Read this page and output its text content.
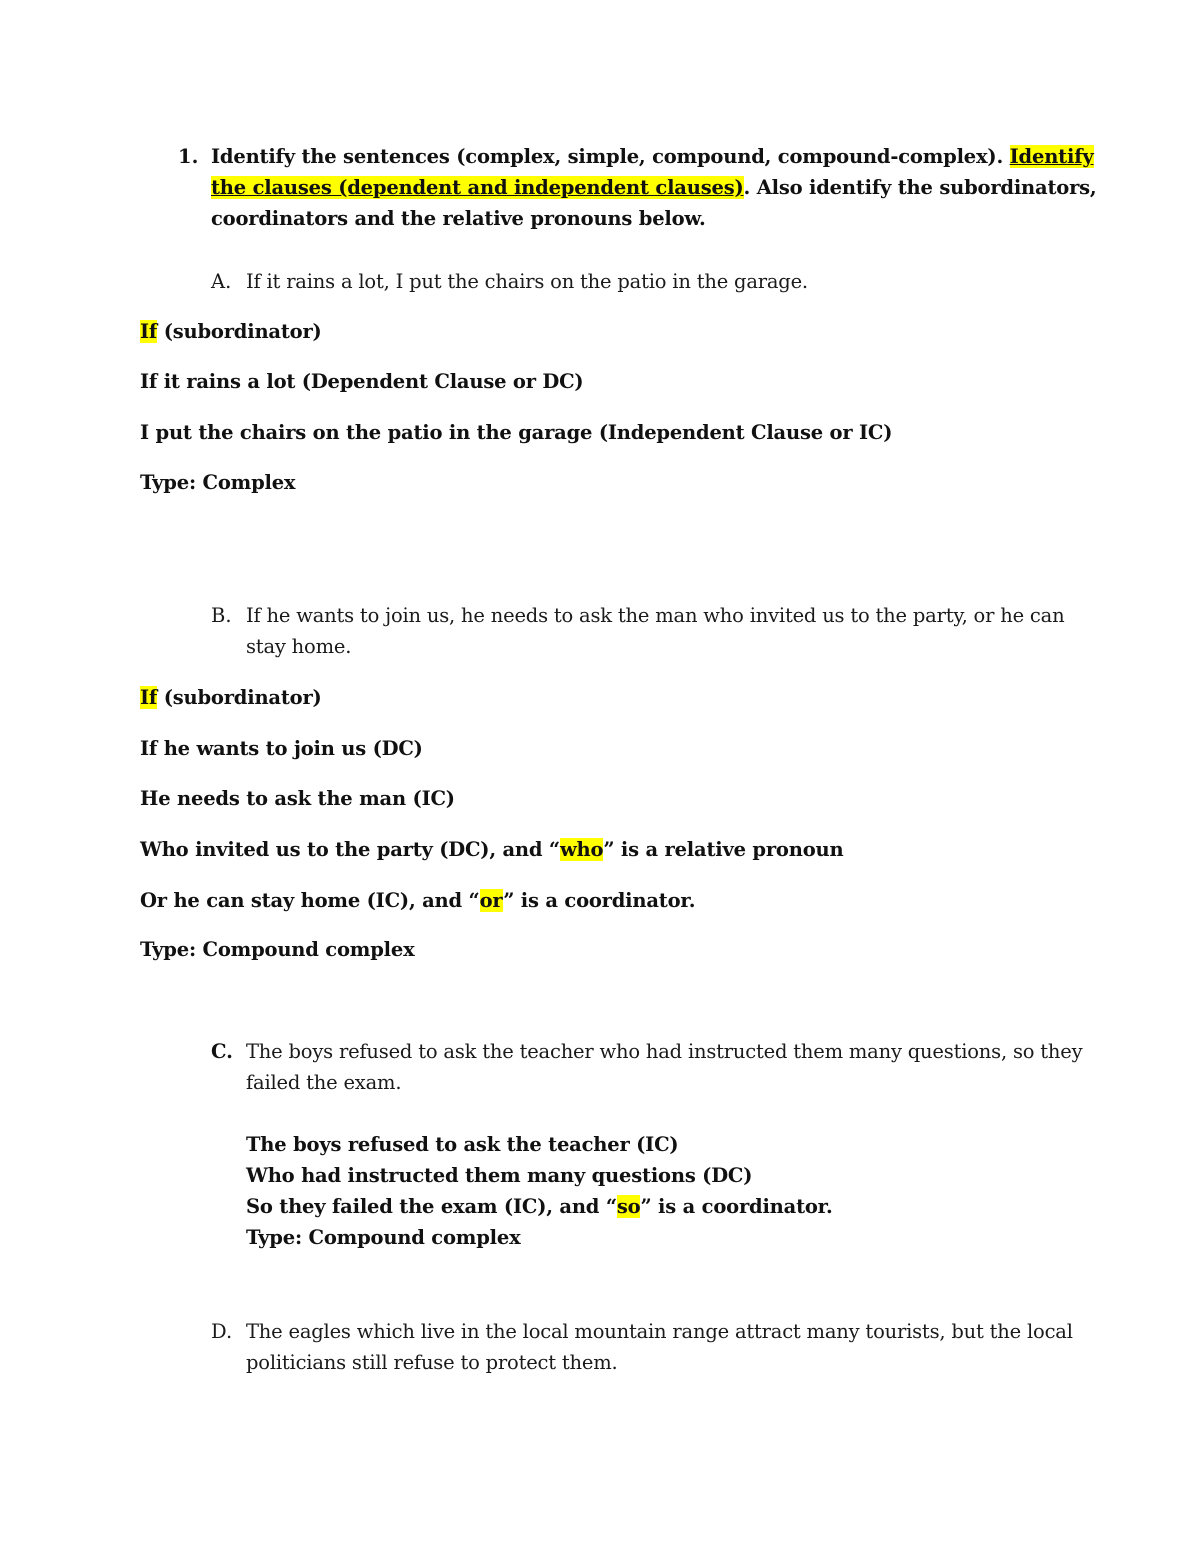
1. Identify the sentences (complex, simple, compound, compound-complex). Identify
the clauses (dependent and independent clauses). Also identify the subordinators,
coordinators and the relative pronouns below.
A. If it rains a lot, I put the chairs on the patio in the garage.
If (subordinator)
If it rains a lot (Dependent Clause or DC)
I put the chairs on the patio in the garage (Independent Clause or IC)
Type: Complex
B. If he wants to join us, he needs to ask the man who invited us to the party, or he can
stay home.
If (subordinator)
If he wants to join us (DC)
He needs to ask the man (IC)
Who invited us to the party (DC), and “who” is a relative pronoun
Or he can stay home (IC), and “or” is a coordinator.
Type: Compound complex
C. The boys refused to ask the teacher who had instructed them many questions, so they
failed the exam.
The boys refused to ask the teacher (IC)
Who had instructed them many questions (DC)
So they failed the exam (IC), and “so” is a coordinator.
Type: Compound complex
D. The eagles which live in the local mountain range attract many tourists, but the local
politicians still refuse to protect them.
